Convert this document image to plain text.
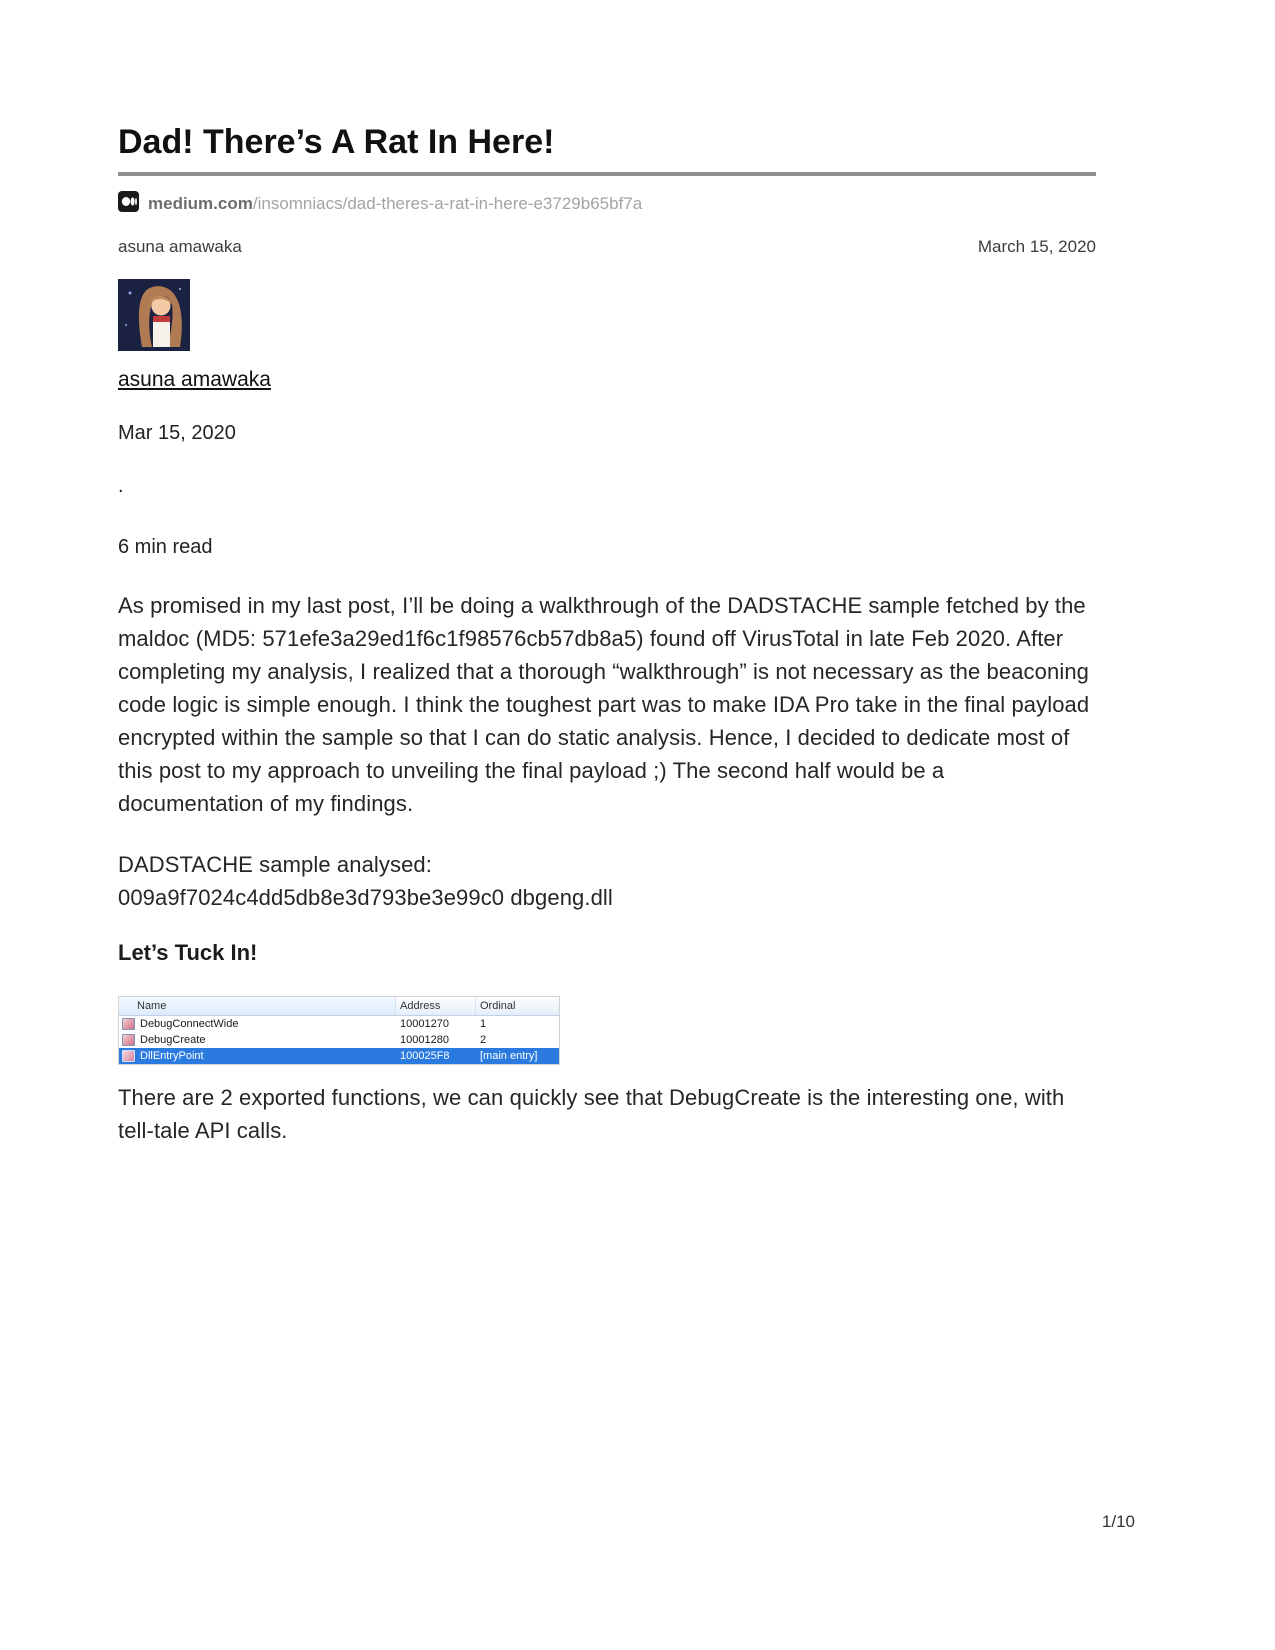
Dad! There’s A Rat In Here!
medium.com/insomniacs/dad-theres-a-rat-in-here-e3729b65bf7a
asuna amawaka	March 15, 2020
asuna amawaka

Mar 15, 2020

.

6 min read

As promised in my last post, I’ll be doing a walkthrough of the DADSTACHE sample fetched by the maldoc (MD5: 571efe3a29ed1f6c1f98576cb57db8a5) found off VirusTotal in late Feb 2020. After completing my analysis, I realized that a thorough “walkthrough” is not necessary as the beaconing code logic is simple enough. I think the toughest part was to make IDA Pro take in the final payload encrypted within the sample so that I can do static analysis. Hence, I decided to dedicate most of this post to my approach to unveiling the final payload ;) The second half would be a documentation of my findings.

DADSTACHE sample analysed:
009a9f7024c4dd5db8e3d793be3e99c0 dbgeng.dll

Let’s Tuck In!
Name	Address	Ordinal
DebugConnectWide	10001270	1
DebugCreate	10001280	2
DllEntryPoint	100025F8	[main entry]

There are 2 exported functions, we can quickly see that DebugCreate is the interesting one, with tell-tale API calls.

1/10
